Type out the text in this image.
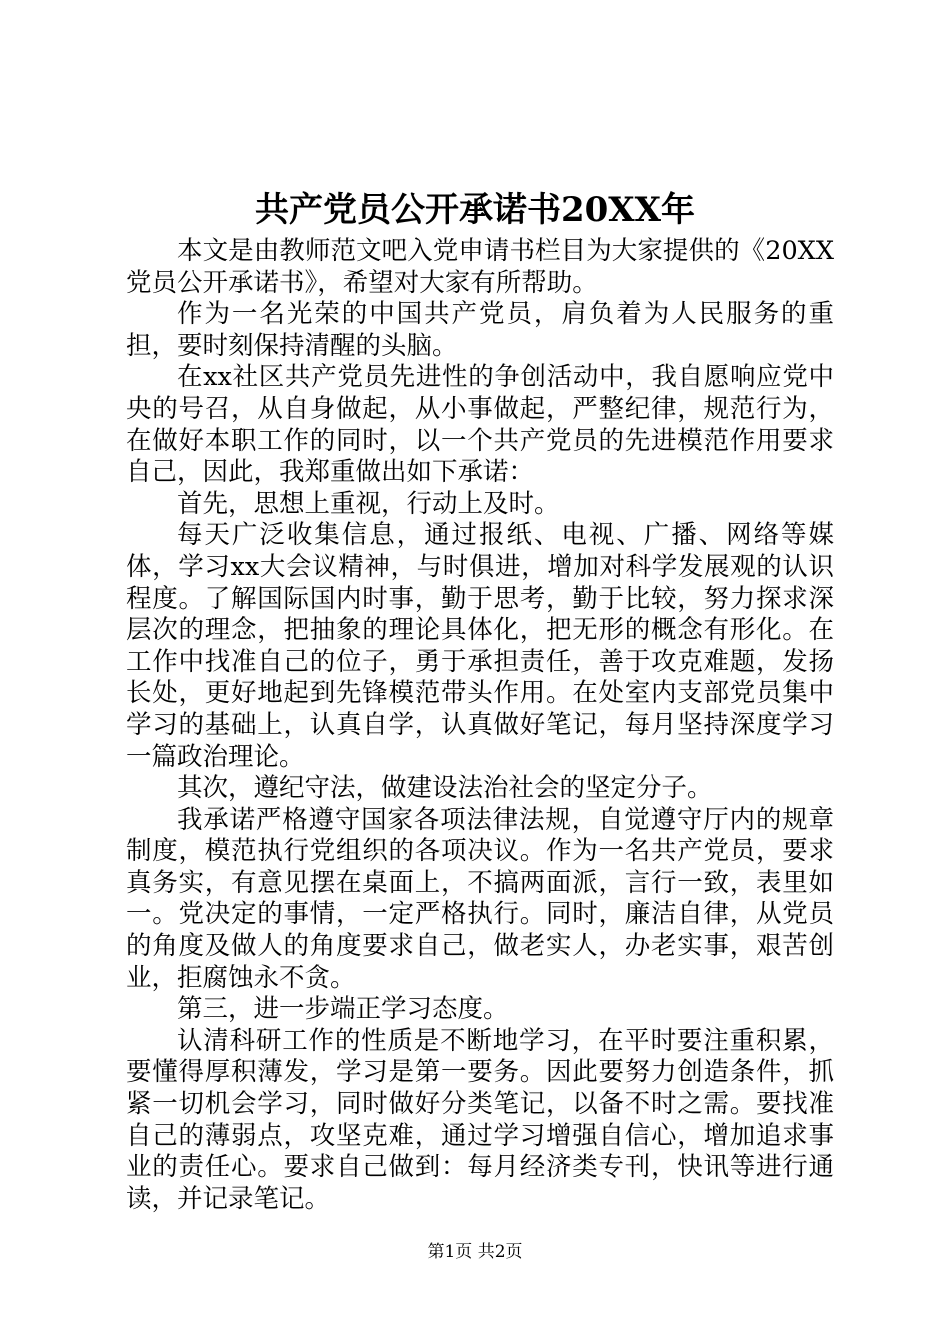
共产党员公开承诺书20XX年

本文是由教师范文吧入党申请书栏目为大家提供的《20XX党员公开承诺书》，希望对大家有所帮助。

作为一名光荣的中国共产党员，肩负着为人民服务的重担，要时刻保持清醒的头脑。

在xx社区共产党员先进性的争创活动中，我自愿响应党中央的号召，从自身做起，从小事做起，严整纪律，规范行为，在做好本职工作的同时，以一个共产党员的先进模范作用要求自己，因此，我郑重做出如下承诺：

首先，思想上重视，行动上及时。

每天广泛收集信息，通过报纸、电视、广播、网络等媒体，学习xx大会议精神，与时俱进，增加对科学发展观的认识程度。了解国际国内时事，勤于思考，勤于比较，努力探求深层次的理念，把抽象的理论具体化，把无形的概念有形化。在工作中找准自己的位子，勇于承担责任，善于攻克难题，发扬长处，更好地起到先锋模范带头作用。在处室内支部党员集中学习的基础上，认真自学，认真做好笔记，每月坚持深度学习一篇政治理论。

其次，遵纪守法，做建设法治社会的坚定分子。

我承诺严格遵守国家各项法律法规，自觉遵守厅内的规章制度，模范执行党组织的各项决议。作为一名共产党员，要求真务实，有意见摆在桌面上，不搞两面派，言行一致，表里如一。党决定的事情，一定严格执行。同时，廉洁自律，从党员的角度及做人的角度要求自己，做老实人，办老实事，艰苦创业，拒腐蚀永不贪。

第三，进一步端正学习态度。

认清科研工作的性质是不断地学习，在平时要注重积累，要懂得厚积薄发，学习是第一要务。因此要努力创造条件，抓紧一切机会学习，同时做好分类笔记，以备不时之需。要找准自己的薄弱点，攻坚克难，通过学习增强自信心，增加追求事业的责任心。要求自己做到：每月经济类专刊，快讯等进行通读，并记录笔记。

第1页 共2页
